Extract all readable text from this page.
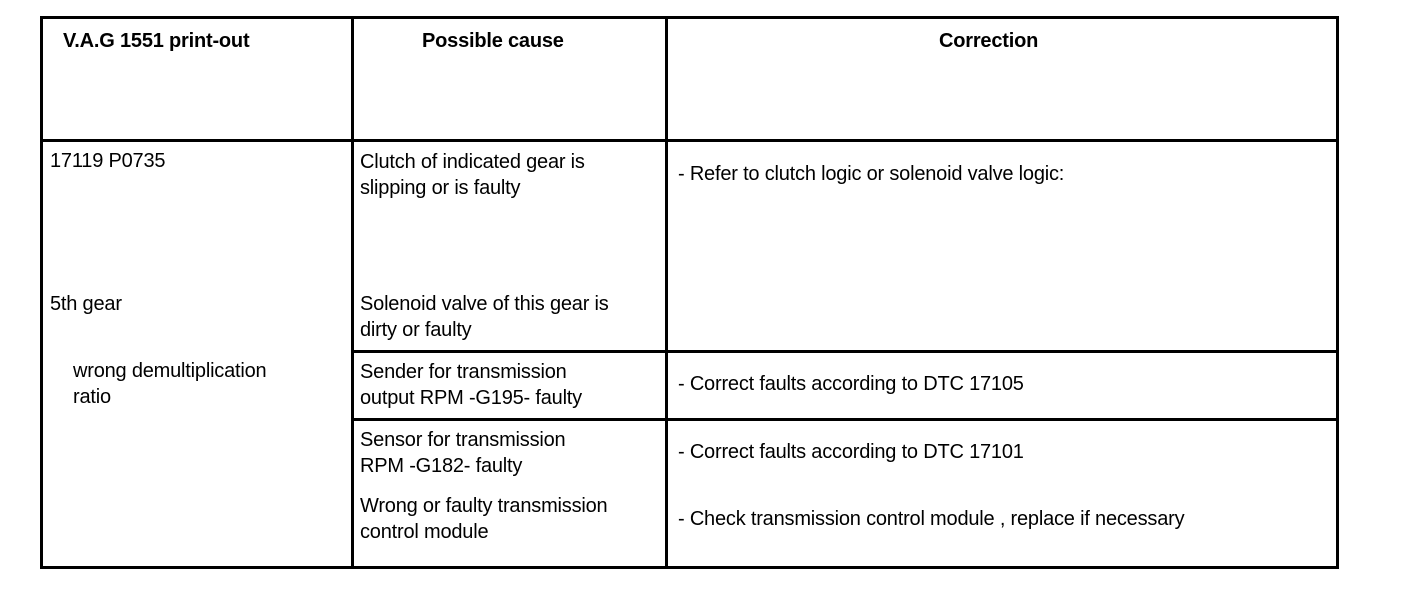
V.A.G 1551 print-out	Possible cause	Correction
17119 P0735
5th gear
wrong demultiplication
ratio
Clutch of indicated gear is
slipping or is faulty
Solenoid valve of this gear is
dirty or faulty
Sender for transmission
output RPM -G195- faulty
Sensor for transmission
RPM -G182- faulty
Wrong or faulty transmission
control module
- Refer to clutch logic or solenoid valve logic:
- Correct faults according to DTC 17105
- Correct faults according to DTC 17101
- Check transmission control module , replace if necessary
